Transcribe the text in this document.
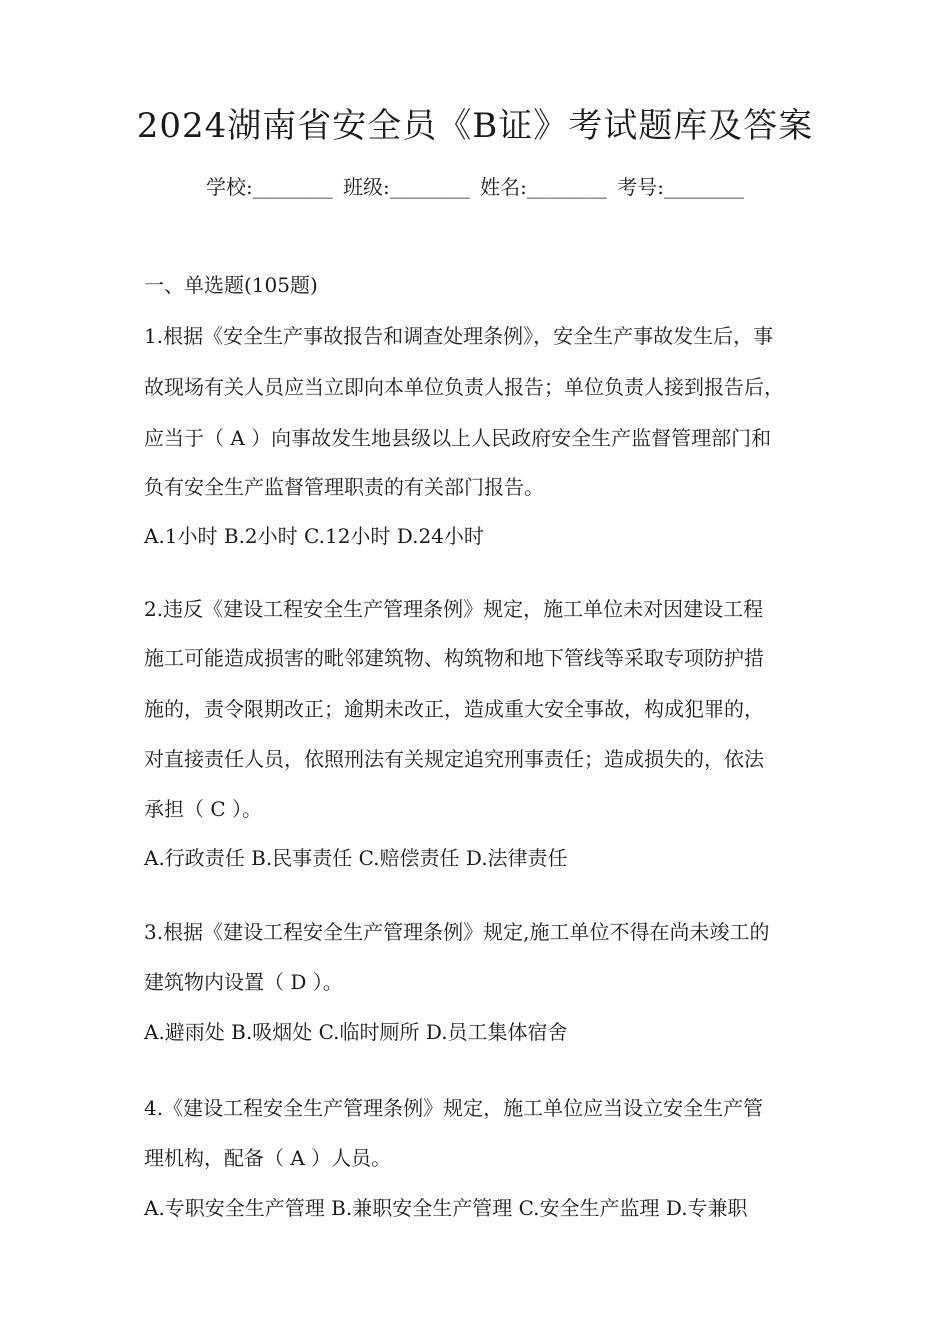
2024湖南省安全员《B证》考试题库及答案
学校:________ 班级:________ 姓名:________ 考号:________
一、单选题(105题)
1.根据《安全生产事故报告和调查处理条例》，安全生产事故发生后，事
故现场有关人员应当立即向本单位负责人报告；单位负责人接到报告后，
应当于（ A ）向事故发生地县级以上人民政府安全生产监督管理部门和
负有安全生产监督管理职责的有关部门报告。
A.1小时 B.2小时 C.12小时 D.24小时
2.违反《建设工程安全生产管理条例》规定，施工单位未对因建设工程
施工可能造成损害的毗邻建筑物、构筑物和地下管线等采取专项防护措
施的，责令限期改正；逾期未改正，造成重大安全事故，构成犯罪的，
对直接责任人员，依照刑法有关规定追究刑事责任；造成损失的，依法
承担（ C ）。
A.行政责任 B.民事责任 C.赔偿责任 D.法律责任
3.根据《建设工程安全生产管理条例》规定,施工单位不得在尚未竣工的
建筑物内设置（ D ）。
A.避雨处 B.吸烟处 C.临时厕所 D.员工集体宿舍
4.《建设工程安全生产管理条例》规定，施工单位应当设立安全生产管
理机构，配备（ A ）人员。
A.专职安全生产管理 B.兼职安全生产管理 C.安全生产监理 D.专兼职
